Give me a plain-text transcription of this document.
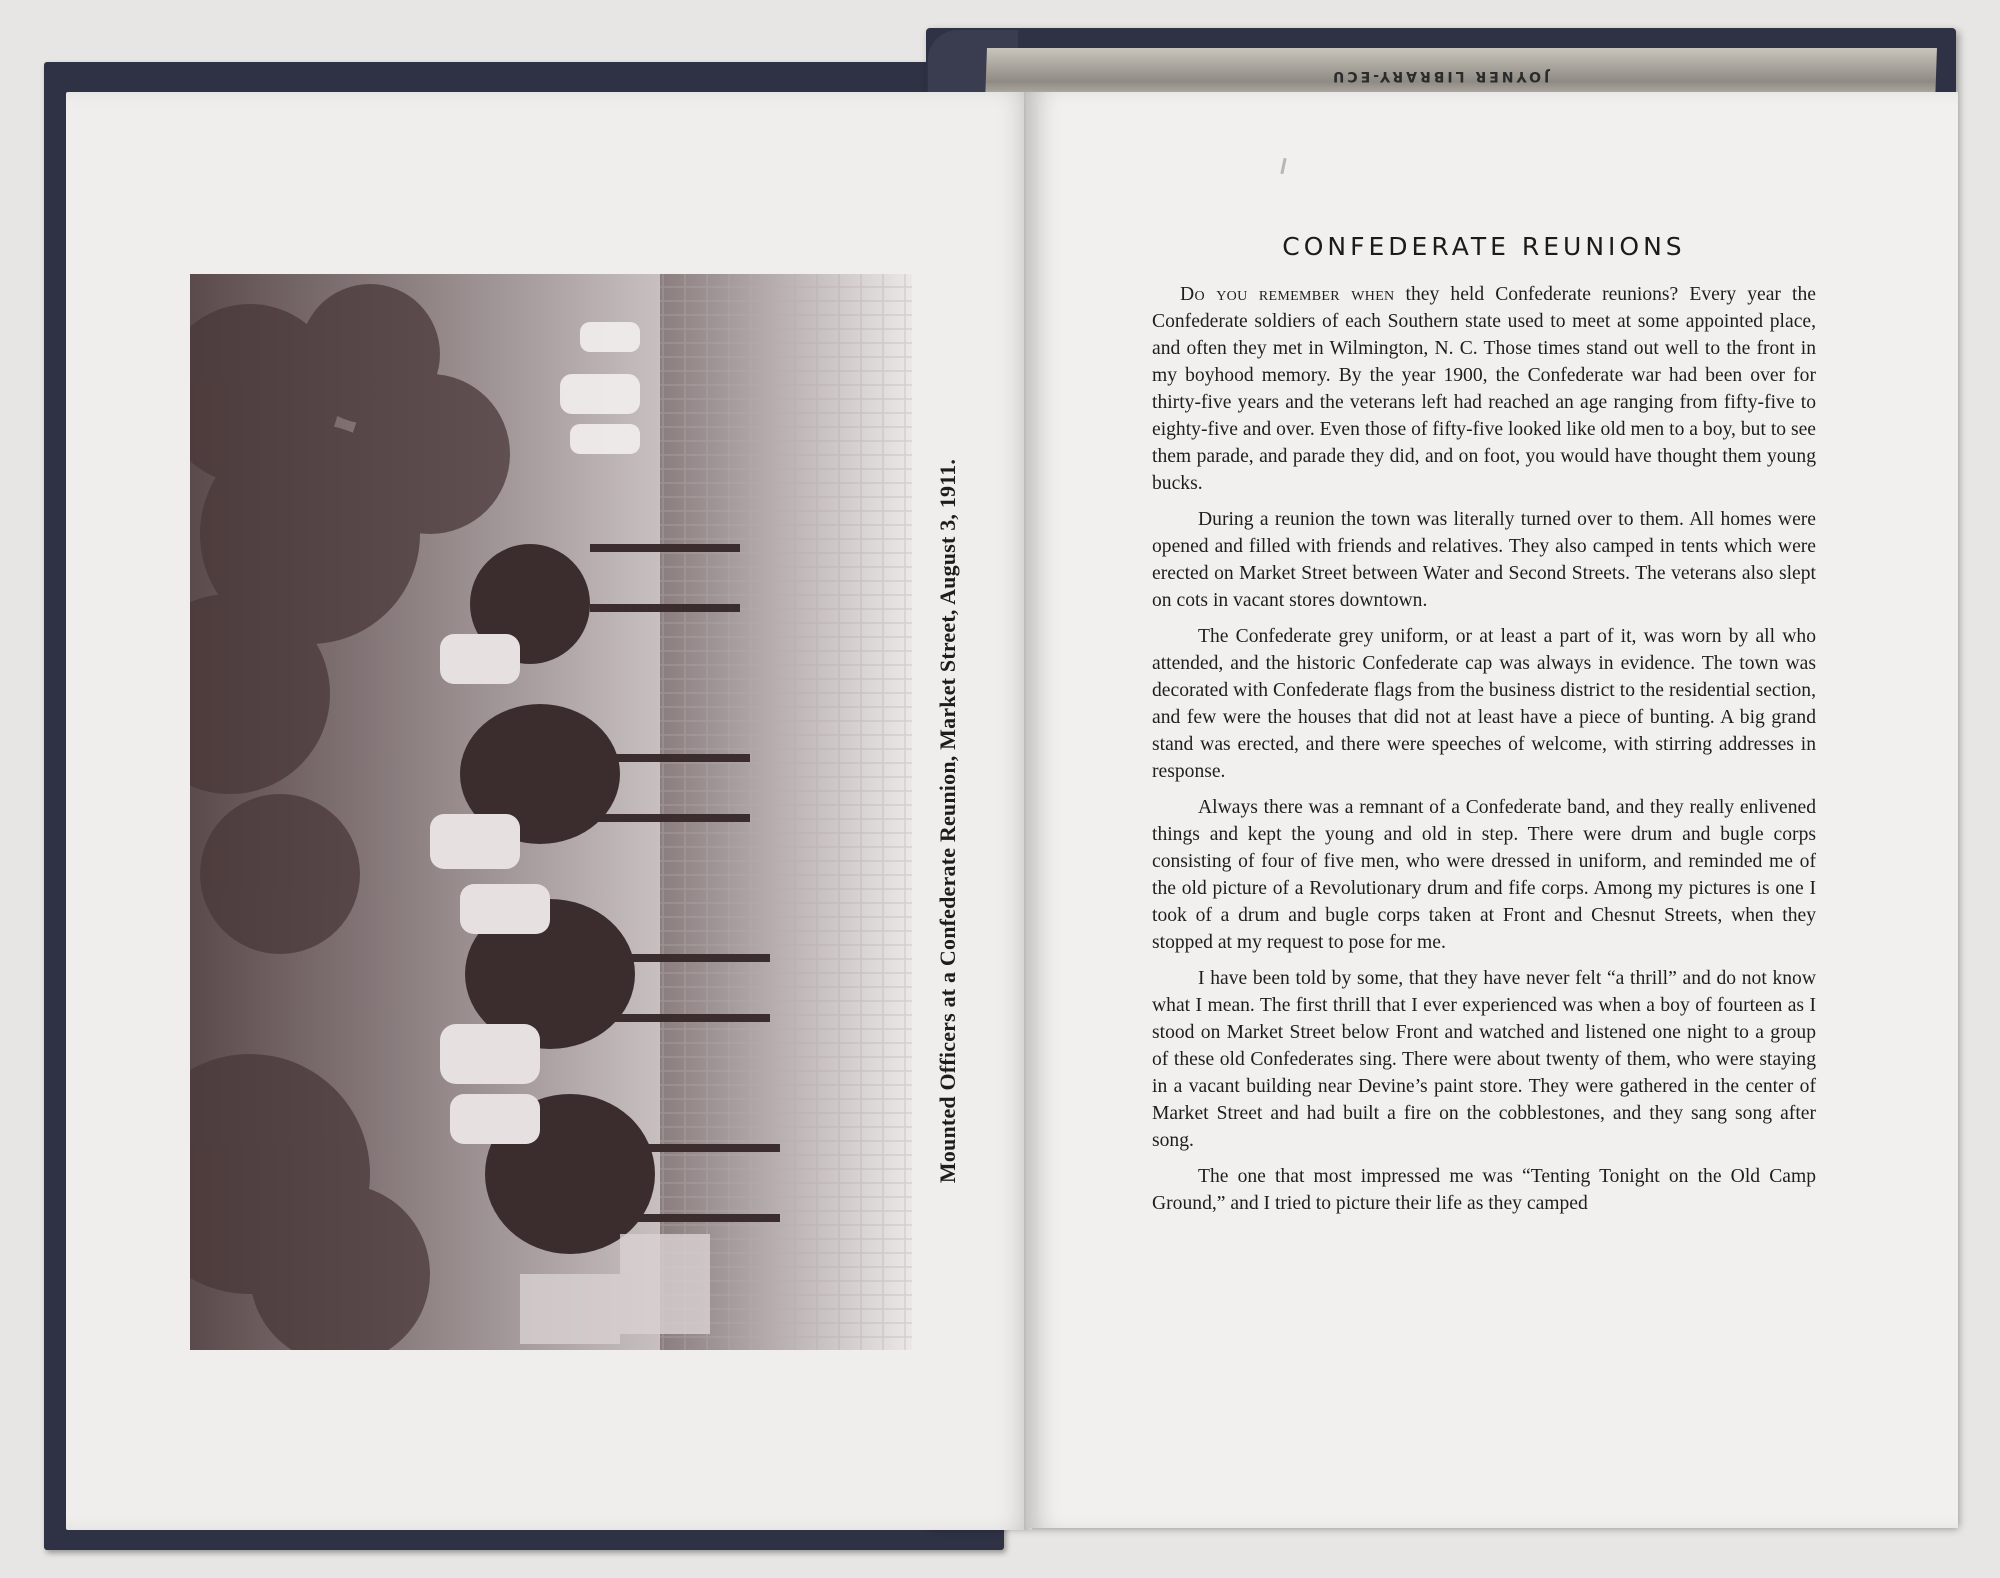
JOYNER LIBRARY-ECU
Mounted Officers at a Confederate Reunion, Market Street, August 3, 1911.
CONFEDERATE REUNIONS

Do you remember when they held Confederate reunions? Every year the Confederate soldiers of each Southern state used to meet at some appointed place, and often they met in Wilmington, N. C. Those times stand out well to the front in my boyhood memory. By the year 1900, the Confederate war had been over for thirty-five years and the veterans left had reached an age ranging from fifty-five to eighty-five and over. Even those of fifty-five looked like old men to a boy, but to see them parade, and parade they did, and on foot, you would have thought them young bucks.

During a reunion the town was literally turned over to them. All homes were opened and filled with friends and relatives. They also camped in tents which were erected on Market Street between Water and Second Streets. The veterans also slept on cots in vacant stores downtown.

The Confederate grey uniform, or at least a part of it, was worn by all who attended, and the historic Confederate cap was always in evidence. The town was decorated with Confederate flags from the business district to the residential section, and few were the houses that did not at least have a piece of bunting. A big grand stand was erected, and there were speeches of welcome, with stirring addresses in response.

Always there was a remnant of a Confederate band, and they really enlivened things and kept the young and old in step. There were drum and bugle corps consisting of four of five men, who were dressed in uniform, and reminded me of the old picture of a Revolutionary drum and fife corps. Among my pictures is one I took of a drum and bugle corps taken at Front and Chesnut Streets, when they stopped at my request to pose for me.

I have been told by some, that they have never felt “a thrill” and do not know what I mean. The first thrill that I ever experienced was when a boy of fourteen as I stood on Market Street below Front and watched and listened one night to a group of these old Confederates sing. There were about twenty of them, who were staying in a vacant building near Devine’s paint store. They were gathered in the center of Market Street and had built a fire on the cobblestones, and they sang song after song.

The one that most impressed me was “Tenting Tonight on the Old Camp Ground,” and I tried to picture their life as they camped
